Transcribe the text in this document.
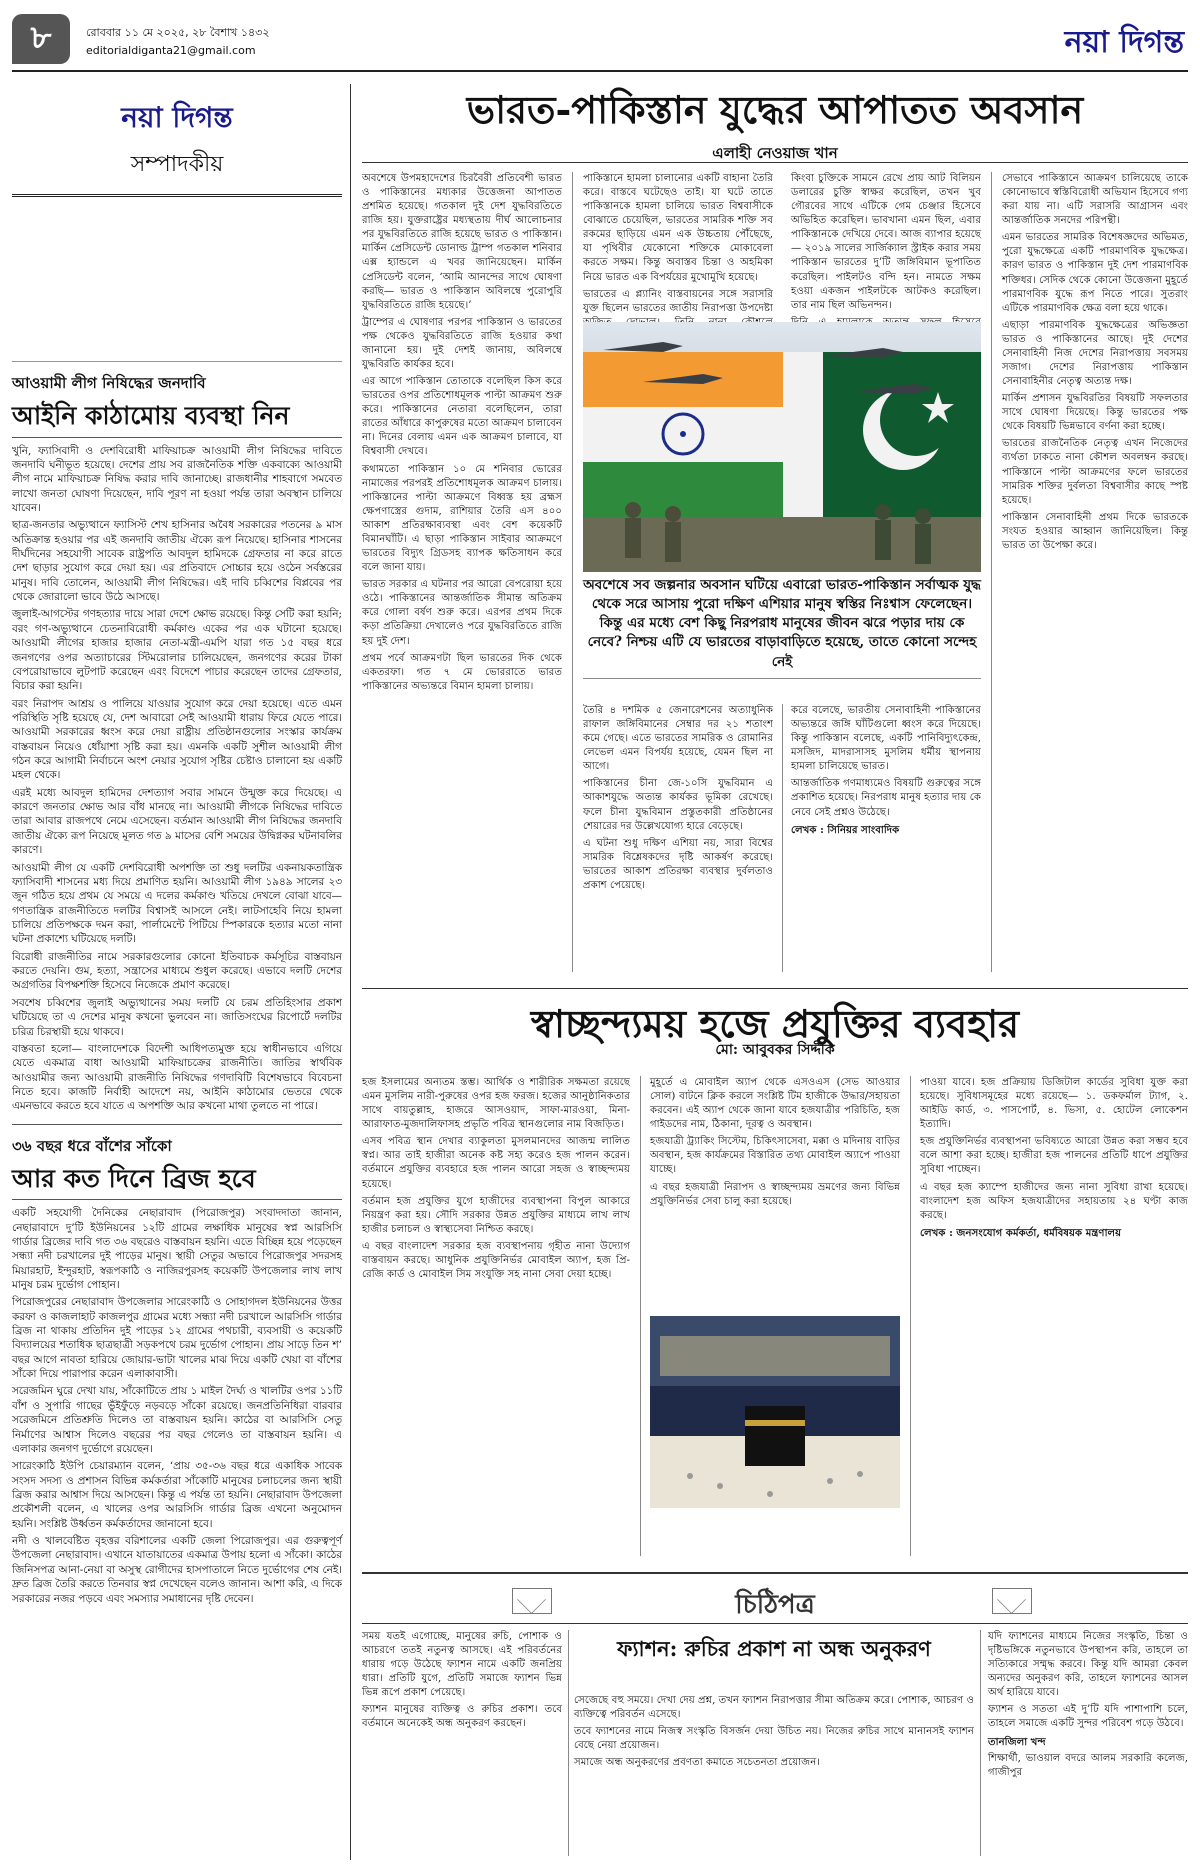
৮	রোববার ১১ মে ২০২৫, ২৮ বৈশাখ ১৪৩২
editorialdiganta21@gmail.com	নয়া দিগন্ত
নয়া দিগন্ত
সম্পাদকীয়
আওয়ামী লীগ নিষিদ্ধের জনদাবি
আইনি কাঠামোয় ব্যবস্থা নিন

খুনি, ফ্যাসিবাদী ও দেশবিরোধী মাফিয়াচক্র আওয়ামী লীগ নিষিদ্ধের দাবিতে জনদাবি ঘনীভূত হয়েছে। দেশের প্রায় সব রাজনৈতিক শক্তি একবাক্যে আওয়ামী লীগ নামে মাফিয়াচক্র নিষিদ্ধ করার দাবি জানাচ্ছে। রাজধানীর শাহবাগে সমবেত লাখো জনতা ঘোষণা দিয়েছেন, দাবি পূরণ না হওয়া পর্যন্ত তারা অবস্থান চালিয়ে যাবেন।

ছাত্র-জনতার অভ্যুত্থানে ফ্যাসিস্ট শেখ হাসিনার অবৈধ সরকারের পতনের ৯ মাস অতিক্রান্ত হওয়ার পর এই জনদাবি জাতীয় ঐক্যে রূপ নিয়েছে। হাসিনার শাসনের দীর্ঘদিনের সহযোগী সাবেক রাষ্ট্রপতি আবদুল হামিদকে গ্রেফতার না করে রাতে দেশ ছাড়ার সুযোগ করে দেয়া হয়। এর প্রতিবাদে সোচ্চার হয়ে ওঠেন সর্বস্তরের মানুষ। দাবি তোলেন, আওয়ামী লীগ নিষিদ্ধের। এই দাবি চব্বিশের বিপ্লবের পর থেকে জোরালো ভাবে উঠে আসছে।

জুলাই-আগস্টের গণহত্যার দায়ে সারা দেশে ক্ষোভ রয়েছে। কিন্তু সেটি করা হয়নি; বরং গণ-অভ্যুত্থানে চেতনাবিরোধী কর্মকাণ্ড একের পর এক ঘটানো হয়েছে। আওয়ামী লীগের হাজার হাজার নেতা-মন্ত্রী-এমপি যারা গত ১৫ বছর ধরে জনগণের ওপর অত্যাচারের স্টিমরোলার চালিয়েছেন, জনগণের করের টাকা বেপরোয়াভাবে লুটপাট করেছেন এবং বিদেশে পাচার করেছেন তাদের গ্রেফতার, বিচার করা হয়নি।

বরং নিরাপদ আশ্রয় ও পালিয়ে যাওয়ার সুযোগ করে দেয়া হয়েছে। এতে এমন পরিস্থিতি সৃষ্টি হয়েছে যে, দেশ আবারো সেই আওয়ামী ধারায় ফিরে যেতে পারে। আওয়ামী সরকারের ধ্বংস করে দেয়া রাষ্ট্রীয় প্রতিষ্ঠানগুলোর সংস্কার কার্যক্রম বাস্তবায়ন নিয়েও ধোঁয়াশা সৃষ্টি করা হয়। এমনকি একটি সুশীল আওয়ামী লীগ গঠন করে আগামী নির্বাচনে অংশ নেয়ার সুযোগ সৃষ্টির চেষ্টাও চালানো হয় একটি মহল থেকে।

এরই মধ্যে আবদুল হামিদের দেশত্যাগ সবার সামনে উন্মুক্ত করে দিয়েছে। এ কারণে জনতার ক্ষোভ আর বাঁধ মানছে না। আওয়ামী লীগকে নিষিদ্ধের দাবিতে তারা আবার রাজপথে নেমে এসেছেন। বর্তমান আওয়ামী লীগ নিষিদ্ধের জনদাবি জাতীয় ঐক্যে রূপ নিয়েছে মূলত গত ৯ মাসের বেশি সময়ের উদ্বিগ্নকর ঘটনাবলির কারণে।

আওয়ামী লীগ যে একটি দেশবিরোধী অপশক্তি তা শুধু দলটির একনায়কতান্ত্রিক ফ্যাসিবাদী শাসনের মধ্য দিয়ে প্রমাণিত হয়নি। আওয়ামী লীগ ১৯৪৯ সালের ২৩ জুন গঠিত হয়ে প্রথম যে সময়ে এ দলের কর্মকাণ্ড খতিয়ে দেখলে বোঝা যাবে— গণতান্ত্রিক রাজনীতিতে দলটির বিশ্বাসই আসলে নেই। লাটসাহেবি নিয়ে হামলা চালিয়ে প্রতিপক্ষকে দমন করা, পার্লামেন্টে পিটিয়ে স্পিকারকে হত্যার মতো নানা ঘটনা প্রকাশ্যে ঘটিয়েছে দলটি।

বিরোধী রাজনীতির নামে সরকারগুলোর কোনো ইতিবাচক কর্মসূচির বাস্তবায়ন করতে দেয়নি। গুম, হত্যা, সন্ত্রাসের মাধ্যমে শুধুল করেছে। এভাবে দলটি দেশের অগ্রগতির বিপক্ষশক্তি হিসেবে নিজেকে প্রমাণ করেছে।

সবশেষ চব্বিশের জুলাই অভ্যুত্থানের সময় দলটি যে চরম প্রতিহিংসার প্রকাশ ঘটিয়েছে তা এ দেশের মানুষ কখনো ভুলবেন না। জাতিসংঘের রিপোর্টে দলটির চরিত্র চিরস্থায়ী হয়ে থাকবে।

বাস্তবতা হলো— বাংলাদেশকে বিদেশী আধিপত্যমুক্ত হয়ে স্বাধীনভাবে এগিয়ে যেতে একমাত্র বাধা আওয়ামী মাফিয়াচক্রের রাজনীতি। জাতির স্বার্থবিক আওয়ামীর জন্য আওয়ামী রাজনীতি নিষিদ্ধের গণদাবিটি বিশেষভাবে বিবেচনা নিতে হবে। কাজটি নির্বাহী আদেশে নয়, আইনি কাঠামোর ভেতরে থেকে এমনভাবে করতে হবে যাতে এ অপশক্তি আর কখনো মাথা তুলতে না পারে।

৩৬ বছর ধরে বাঁশের সাঁকো
আর কত দিনে ব্রিজ হবে

একটি সহযোগী দৈনিকের নেছারাবাদ (পিরোজপুর) সংবাদদাতা জানান, নেছারাবাদে দু’টি ইউনিয়নের ১২টি গ্রামের লক্ষাধিক মানুষের স্বপ্ন আরসিসি গার্ডার ব্রিজের দাবি গত ৩৬ বছরেও বাস্তবায়ন হয়নি। এতে বিচ্ছিন্ন হয়ে পড়েছেন সন্ধ্যা নদী চরখালের দুই পাড়ের মানুষ। স্থায়ী সেতুর অভাবে পিরোজপুর সদরসহ মিয়ারহাট, ইন্দুরহাট, স্বরূপকাঠি ও নাজিরপুরসহ কয়েকটি উপজেলার লাখ লাখ মানুষ চরম দুর্ভোগ পোহান।

পিরোজপুরের নেছারাবাদ উপজেলার সারেংকাঠি ও সোহাগদল ইউনিয়নের উত্তর করফা ও কাজলাহাট কাজলপুর গ্রামের মধ্যে সন্ধ্যা নদী চরখালে আরসিসি গার্ডার ব্রিজ না থাকায় প্রতিদিন দুই পাড়ের ১২ গ্রামের পথচারী, ব্যবসায়ী ও কয়েকটি বিদ্যালয়ের শতাধিক ছাত্রছাত্রী সড়কপথে চরম দুর্ভোগ পোহান। প্রায় সাড়ে তিন শ’ বছর আগে নাবতা হারিয়ে জোয়ার-ভাটা খালের মাঝ দিয়ে একটি খেয়া বা বাঁশের সাঁকো দিয়ে পারাপার করেন এলাকাবাসী।

সরেজমিন ঘুরে দেখা যায়, সাঁকোটিতে প্রায় ১ মাইল দৈর্ঘ্য ও খালটির ওপর ১১টি বাঁশ ও সুপারি গাছের ভুঁইফুঁড়ে নড়বড়ে সাঁকো রয়েছে। জনপ্রতিনিধিরা বারবার সরেজমিনে প্রতিশ্রুতি দিলেও তা বাস্তবায়ন হয়নি। কাঠের বা আরসিসি সেতু নির্মাণের আশ্বাস দিলেও বছরের পর বছর গেলেও তা বাস্তবায়ন হয়নি। এ এলাকার জনগণ দুর্ভোগে রয়েছেন।

সারেংকাঠি ইউপি চেয়ারম্যান বলেন, ‘প্রায় ৩৫-৩৬ বছর ধরে একাধিক সাবেক সংসদ সদস্য ও প্রশাসন বিভিন্ন কর্মকর্তারা সাঁকোটি মানুষের চলাচলের জন্য স্থায়ী ব্রিজ করার আশ্বাস দিয়ে আসছেন। কিন্তু এ পর্যন্ত তা হয়নি। নেছারাবাদ উপজেলা প্রকৌশলী বলেন, এ খালের ওপর আরসিসি গার্ডার ব্রিজ এখনো অনুমোদন হয়নি। সংশ্লিষ্ট উর্ধ্বতন কর্মকর্তাদের জানানো হবে।

নদী ও খালবেষ্টিত বৃহত্তর বরিশালের একটি জেলা পিরোজপুর। এর গুরুত্বপূর্ণ উপজেলা নেছারাবাদ। এখানে যাতায়াতের একমাত্র উপায় হলো এ সাঁকো। কাঠের জিনিসপত্র আনা-নেয়া বা অসুস্থ রোগীদের হাসপাতালে নিতে দুর্ভোগের শেষ নেই। দ্রুত ব্রিজ তৈরি করতে তিনবার স্বপ্ন দেখেছেন বলেও জানান। আশা করি, এ দিকে সরকারের নজর পড়বে এবং সমস্যার সমাধানের দৃষ্টি দেবেন।

ভারত-পাকিস্তান যুদ্ধের আপাতত অবসান
এলাহী নেওয়াজ খান

অবশেষে উপমহাদেশের চিরবৈরী প্রতিবেশী ভারত ও পাকিস্তানের মধ্যকার উত্তেজনা আপাতত প্রশমিত হয়েছে। গতকাল দুই দেশ যুদ্ধবিরতিতে রাজি হয়। যুক্তরাষ্ট্রের মধ্যস্থতায় দীর্ঘ আলোচনার পর যুদ্ধবিরতিতে রাজি হয়েছে ভারত ও পাকিস্তান। মার্কিন প্রেসিডেন্ট ডোনাল্ড ট্রাম্প গতকাল শনিবার এক্স হ্যান্ডলে এ খবর জানিয়েছেন। মার্কিন প্রেসিডেন্ট বলেন, ‘আমি আনন্দের সাথে ঘোষণা করছি— ভারত ও পাকিস্তান অবিলম্বে পুরোপুরি যুদ্ধবিরতিতে রাজি হয়েছে।’

ট্রাম্পের এ ঘোষণার পরপর পাকিস্তান ও ভারতের পক্ষ থেকেও যুদ্ধবিরতিতে রাজি হওয়ার কথা জানানো হয়। দুই দেশই জানায়, অবিলম্বে যুদ্ধবিরতি কার্যকর হবে।

এর আগে পাকিস্তান তোতাকে বলেছিল কিস করে ভারতের ওপর প্রতিশোধমূলক পাল্টা আক্রমণ শুরু করে। পাকিস্তানের নেতারা বলেছিলেন, তারা রাতের আঁধারে কাপুরুষের মতো আক্রমণ চালাবেন না। দিনের বেলায় এমন এক আক্রমণ চালাবে, যা বিশ্ববাসী দেখবে।

কথামতো পাকিস্তান ১০ মে শনিবার ভোরের নামাজের পরপরই প্রতিশোধমূলক আক্রমণ চালায়। পাকিস্তানের পাল্টা আক্রমণে বিধ্বস্ত হয় ব্রহ্মস ক্ষেপণাস্ত্রের গুদাম, রাশিয়ার তৈরি এস ৪০০ আকাশ প্রতিরক্ষাব্যবস্থা এবং বেশ কয়েকটি বিমানঘাঁটি। এ ছাড়া পাকিস্তান সাইবার আক্রমণে ভারতের বিদ্যুৎ গ্রিডসহ ব্যাপক ক্ষতিসাধন করে বলে জানা যায়।

ভারত সরকার এ ঘটনার পর আরো বেপরোয়া হয়ে ওঠে। পাকিস্তানের আন্তর্জাতিক সীমান্ত অতিক্রম করে গোলা বর্ষণ শুরু করে। এরপর প্রথম দিকে কড়া প্রতিক্রিয়া দেখালেও পরে যুদ্ধবিরতিতে রাজি হয় দুই দেশ।

প্রথম পর্বে আক্রমণটা ছিল ভারতের দিক থেকে একতরফা। গত ৭ মে ভোররাতে ভারত পাকিস্তানের অভ্যন্তরে বিমান হামলা চালায়।

পাকিস্তানে হামলা চালানোর একটি বাহানা তৈরি করে। বাস্তবে ঘটেছেও তাই। যা ঘটে তাতে পাকিস্তানকে হামলা চালিয়ে ভারত বিশ্ববাসীকে বোঝাতে চেয়েছিল, ভারতের সামরিক শক্তি সব রকমের ছাড়িয়ে এমন এক উচ্চতায় পৌঁছেছে, যা পৃথিবীর যেকোনো শক্তিকে মোকাবেলা করতে সক্ষম। কিন্তু অবাস্তব চিন্তা ও অহমিকা নিয়ে ভারত এক বিপর্যয়ের মুখোমুখি হয়েছে।

ভারতের এ প্ল্যানিং বাস্তবায়নের সঙ্গে সরাসরি যুক্ত ছিলেন ভারতের জাতীয় নিরাপত্তা উপদেষ্টা

কিংবা চুক্তিকে সামনে রেখে প্রায় আট বিলিয়ন ডলারের চুক্তি স্বাক্ষর করেছিল, তখন খুব গৌরবের সাথে এটিকে গেম চেঞ্জার হিসেবে অভিহিত করেছিল। ভাবখানা এমন ছিল, এবার পাকিস্তানকে দেখিয়ে দেবে। আজ ব্যাপার হয়েছে— ২০১৯ সালের সার্জিক্যাল স্ট্রাইক করার সময় পাকিস্তান ভারতের দু’টি জঙ্গিবিমান ভূপাতিত করেছিল। পাইলটও বন্দি হন। নামতে সক্ষম হওয়া একজন পাইলটকে আটকও করেছিল। তার নাম ছিল অভিনন্দন।

সেভাবে পাকিস্তানে আক্রমণ চালিয়েছে তাকে কোনোভাবে স্বস্তিবিরোধী অভিযান হিসেবে গণ্য করা যায় না। এটি সরাসরি আগ্রাসন এবং আন্তর্জাতিক সনদের পরিপন্থী।

এমন ভারতের সামরিক বিশেষজ্ঞদের অভিমত, পুরো যুদ্ধক্ষেত্রে একটি পারমাণবিক যুদ্ধক্ষেত্র। কারণ ভারত ও পাকিস্তান দুই দেশ পারমাণবিক শক্তিধর। সেদিক থেকে কোনো উত্তেজনা মুহূর্তে পারমাণবিক যুদ্ধে রূপ নিতে পারে। সুতরাং এটিকে পারমাণবিক ক্ষেত্র বলা হয়ে থাকে।

এছাড়া পারমাণবিক যুদ্ধক্ষেত্রের অভিজ্ঞতা ভারত ও পাকিস্তানের আছে। দুই দেশের সেনাবাহিনী নিজ দেশের নিরাপত্তায় সবসময় সজাগ। দেশের নিরাপত্তায় পাকিস্তান সেনাবাহিনীর নেতৃত্ব অত্যন্ত দক্ষ।

মার্কিন প্রশাসন যুদ্ধবিরতির বিষয়টি সফলতার সাথে ঘোষণা দিয়েছে। কিন্তু ভারতের পক্ষ থেকে বিষয়টি ভিন্নভাবে বর্ণনা করা হচ্ছে।

ভারতের রাজনৈতিক নেতৃত্ব এখন নিজেদের ব্যর্থতা ঢাকতে নানা কৌশল অবলম্বন করছে। পাকিস্তানে পাল্টা আক্রমণের ফলে ভারতের সামরিক শক্তির দুর্বলতা বিশ্ববাসীর কাছে স্পষ্ট হয়েছে।

পাকিস্তান সেনাবাহিনী প্রথম দিকে ভারতকে সংযত হওয়ার আহ্বান জানিয়েছিল। কিন্তু ভারত তা উপেক্ষা করে।

অবশেষে সব জল্পনার অবসান ঘটিয়ে এবারো ভারত-পাকিস্তান সর্বাত্মক যুদ্ধ থেকে সরে আসায় পুরো দক্ষিণ এশিয়ার মানুষ স্বস্তির নিঃশ্বাস ফেলেছেন। কিন্তু এর মধ্যে বেশ কিছু নিরপরাধ মানুষের জীবন ঝরে পড়ার দায় কে নেবে? নিশ্চয় এটি যে ভারতের বাড়াবাড়িতে হয়েছে, তাতে কোনো সন্দেহ নেই

তৈরি ৪ দশমিক ৫ জেনারেশনের অত্যাধুনিক রাফাল জঙ্গিবিমানের সেম্বার দর ২১ শতাংশ কমে গেছে। এতে ভারতের সামরিক ও রোমানির লেভেল এমন বিপর্যয় হয়েছে, যেমন ছিল না আগে।

পাকিস্তানের চীনা জে-১০সি যুদ্ধবিমান এ আকাশযুদ্ধে অত্যন্ত কার্যকর ভূমিকা রেখেছে। ফলে চীনা যুদ্ধবিমান প্রস্তুতকারী প্রতিষ্ঠানের শেয়ারের দর উল্লেখযোগ্য হারে বেড়েছে।

এ ঘটনা শুধু দক্ষিণ এশিয়া নয়, সারা বিশ্বের সামরিক বিশ্লেষকদের দৃষ্টি আকর্ষণ করেছে। ভারতের আকাশ প্রতিরক্ষা ব্যবস্থার দুর্বলতাও প্রকাশ পেয়েছে।

করে বলেছে, ভারতীয় সেনাবাহিনী পাকিস্তানের অভ্যন্তরে জঙ্গি ঘাঁটিগুলো ধ্বংস করে দিয়েছে। কিন্তু পাকিস্তান বলেছে, একটি পানিবিদ্যুৎকেন্দ্র, মসজিদ, মাদরাসাসহ মুসলিম ধর্মীয় স্থাপনায় হামলা চালিয়েছে ভারত।

আন্তর্জাতিক গণমাধ্যমেও বিষয়টি গুরুত্বের সঙ্গে প্রকাশিত হয়েছে। নিরপরাধ মানুষ হত্যার দায় কে নেবে সেই প্রশ্নও উঠেছে।

লেখক : সিনিয়র সাংবাদিক

স্বাচ্ছন্দ্যময় হজে প্রযুক্তির ব্যবহার
মো: আবুবকর সিদ্দীক

হজ ইসলামের অন্যতম স্তম্ভ। আর্থিক ও শারীরিক সক্ষমতা রয়েছে এমন মুসলিম নারী-পুরুষের ওপর হজ ফরজ। হজের আনুষ্ঠানিকতার সাথে বায়তুল্লাহ, হাজরে আসওয়াদ, সাফা-মারওয়া, মিনা-আরাফাত-মুজদালিফাসহ প্রভৃতি পবিত্র স্থানগুলোর নাম বিজড়িত।

এসব পবিত্র স্থান দেখার ব্যাকুলতা মুসলমানদের আজন্ম লালিত স্বপ্ন। আর তাই হাজীরা অনেক কষ্ট সহ্য করেও হজ পালন করেন। বর্তমানে প্রযুক্তির ব্যবহারে হজ পালন আরো সহজ ও স্বাচ্ছন্দ্যময় হয়েছে।

বর্তমান হজ প্রযুক্তির যুগে হাজীদের ব্যবস্থাপনা বিপুল আকারে নিয়ন্ত্রণ করা হয়। সৌদি সরকার উন্নত প্রযুক্তির মাধ্যমে লাখ লাখ হাজীর চলাচল ও স্বাস্থ্যসেবা নিশ্চিত করছে।

এ বছর বাংলাদেশ সরকার হজ ব্যবস্থাপনায় গৃহীত নানা উদ্যোগ বাস্তবায়ন করছে। আধুনিক প্রযুক্তিনির্ভর মোবাইল অ্যাপ, হজ প্রি-রেজি কার্ড ও মোবাইল সিম সংযুক্তি সহ নানা সেবা দেয়া হচ্ছে।

মুহূর্তে এ মোবাইল অ্যাপ থেকে এসওএস (সেভ আওয়ার সোল) বাটনে ক্লিক করলে সংশ্লিষ্ট টিম হাজীকে উদ্ধার/সহায়তা করবেন। এই অ্যাপ থেকে জানা যাবে হজযাত্রীর পরিচিতি, হজ গাইডদের নাম, ঠিকানা, দূরত্ব ও অবস্থান।

হজযাত্রী ট্র্যাকিং সিস্টেম, চিকিৎসাসেবা, মক্কা ও মদিনায় বাড়ির অবস্থান, হজ কার্যক্রমের বিস্তারিত তথ্য মোবাইল অ্যাপে পাওয়া যাচ্ছে।

এ বছর হজযাত্রী নিরাপদ ও স্বাচ্ছন্দ্যময় ভ্রমণের জন্য বিভিন্ন প্রযুক্তিনির্ভর সেবা চালু করা হয়েছে।

পাওয়া যাবে। হজ প্রক্রিয়ায় ডিজিটাল কার্ডের সুবিধা যুক্ত করা হয়েছে। সুবিধাসমূহের মধ্যে রয়েছে— ১. ডকফর্মাল ট্যাগ, ২. আইডি কার্ড, ৩. পাসপোর্ট, ৪. ভিসা, ৫. হোটেল লোকেশন ইত্যাদি।

হজ প্রযুক্তিনির্ভর ব্যবস্থাপনা ভবিষ্যতে আরো উন্নত করা সম্ভব হবে বলে আশা করা হচ্ছে। হাজীরা হজ পালনের প্রতিটি ধাপে প্রযুক্তির সুবিধা পাচ্ছেন।

এ বছর হজ ক্যাম্পে হাজীদের জন্য নানা সুবিধা রাখা হয়েছে। বাংলাদেশ হজ অফিস হজযাত্রীদের সহায়তায় ২৪ ঘণ্টা কাজ করছে।

লেখক : জনসংযোগ কর্মকর্তা, ধর্মবিষয়ক মন্ত্রণালয়

চিঠিপত্র

সময় যতই এগোচ্ছে, মানুষের রুচি, পোশাক ও আচরণে ততই নতুনত্ব আসছে। এই পরিবর্তনের ধারায় গড়ে উঠেছে ফ্যাশন নামে একটি জনপ্রিয় ধারা। প্রতিটি যুগে, প্রতিটি সমাজে ফ্যাশন ভিন্ন ভিন্ন রূপে প্রকাশ পেয়েছে।

ফ্যাশন মানুষের ব্যক্তিত্ব ও রুচির প্রকাশ। তবে বর্তমানে অনেকেই অন্ধ অনুকরণ করছেন।

ফ্যাশন: রুচির প্রকাশ না অন্ধ অনুকরণ

সেজেছে বহু সময়ে। দেখা দেয় প্রশ্ন, তখন ফ্যাশন নিরাপত্তার সীমা অতিক্রম করে। পোশাক, আচরণ ও ব্যক্তিত্বে পরিবর্তন এসেছে।

তবে ফ্যাশনের নামে নিজস্ব সংস্কৃতি বিসর্জন দেয়া উচিত নয়। নিজের রুচির সাথে মানানসই ফ্যাশন বেছে নেয়া প্রয়োজন।

সমাজে অন্ধ অনুকরণের প্রবণতা কমাতে সচেতনতা প্রয়োজন।

যদি ফ্যাশনের মাধ্যমে নিজের সংস্কৃতি, চিন্তা ও দৃষ্টিভঙ্গিকে নতুনভাবে উপস্থাপন করি, তাহলে তা সত্যিকারে সম্মৃদ্ধ করবে। কিন্তু যদি আমরা কেবল অন্যদের অনুকরণ করি, তাহলে ফ্যাশনের আসল অর্থ হারিয়ে যাবে।

ফ্যাশন ও সততা এই দু’টি যদি পাশাপাশি চলে, তাহলে সমাজে একটি সুন্দর পরিবেশ গড়ে উঠবে।

তানজিলা খন্দ

শিক্ষার্থী, ভাওয়াল বদরে আলম সরকারি কলেজ, গাজীপুর
